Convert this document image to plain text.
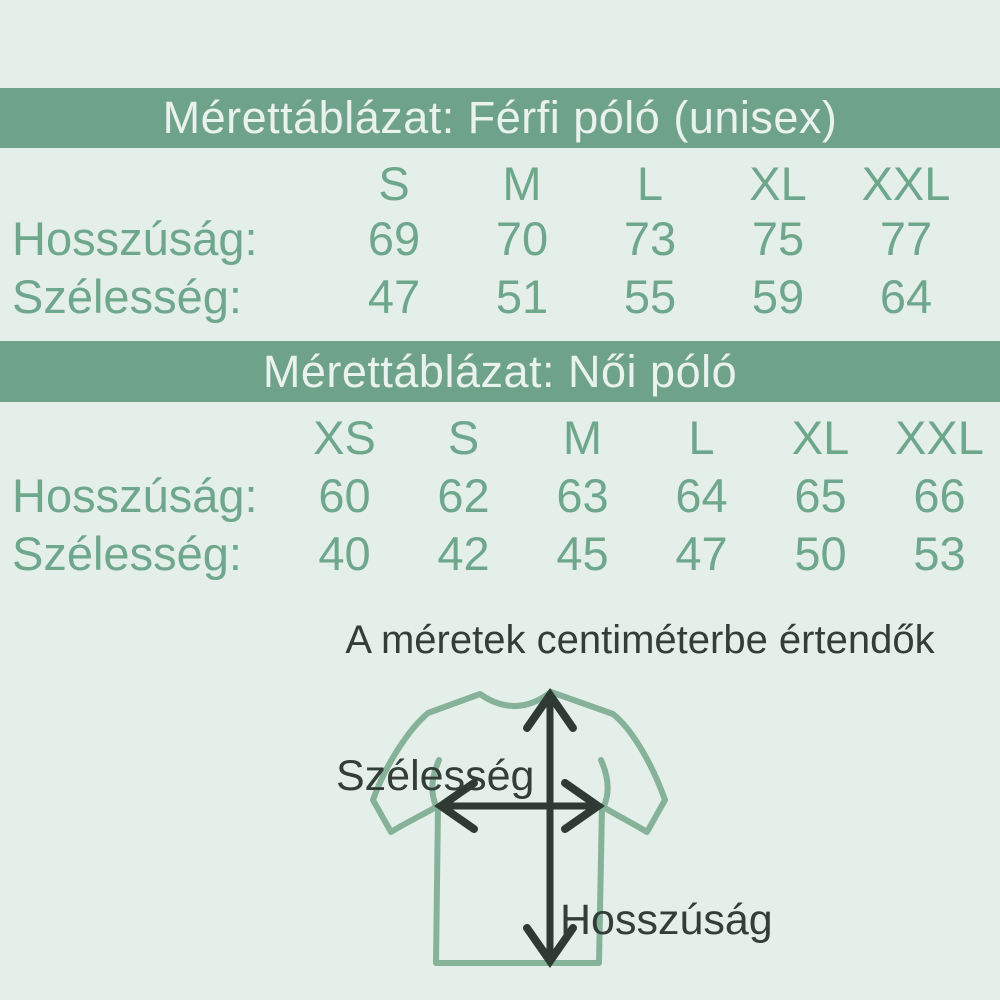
Mérettáblázat: Férfi póló (unisex)
S	M	L	XL	XXL
Hosszúság:	69	70	73	75	77
Szélesség:	47	51	55	59	64
Mérettáblázat: Női póló
XS	S	M	L	XL XXL
Hosszúság:	60	62	63	64	65	66
Szélesség:	40	42	45	47	50	53
A méretek centiméterbe értendők
Szélesség
Hosszúság
